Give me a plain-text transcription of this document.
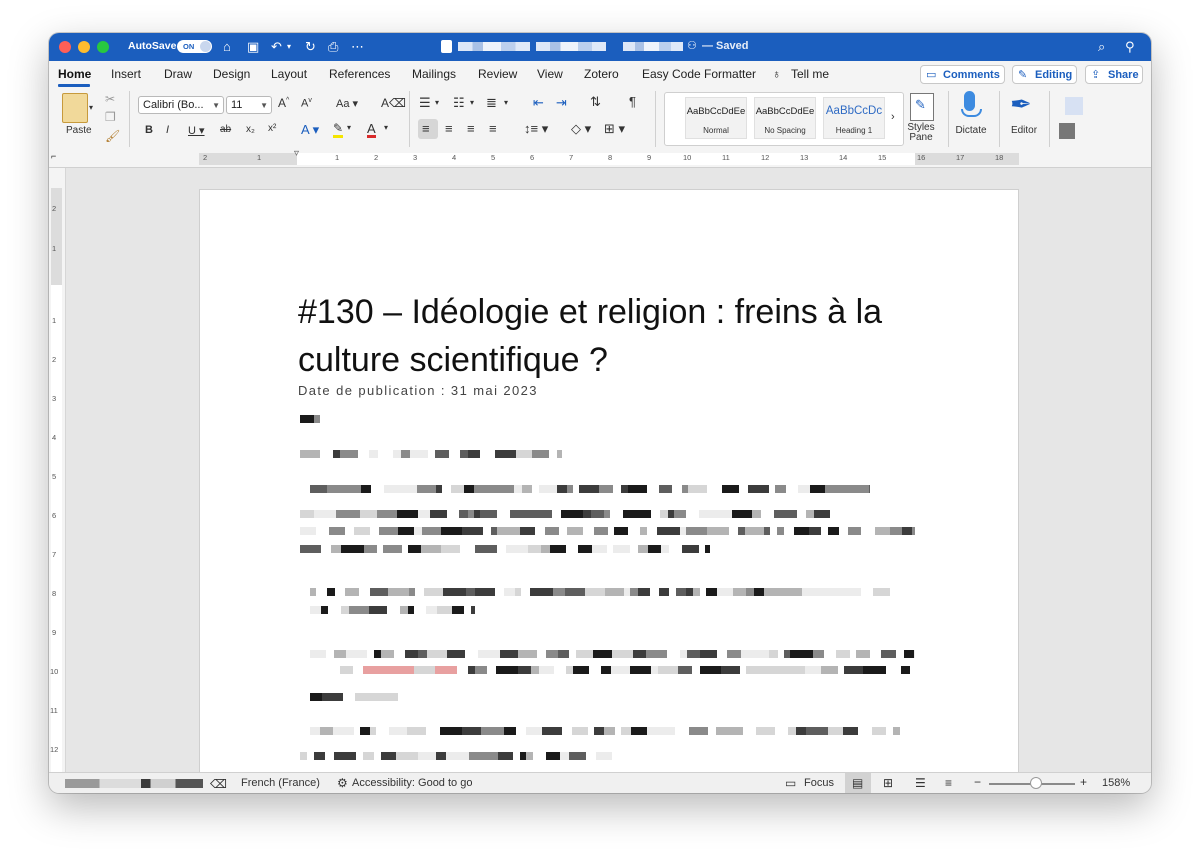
AutoSave ON ⌂ ▣ ↶ ▾ ↻ ⎙ ⋯	⚇ — Saved	⌕ ⚲
Home Insert Draw Design Layout References Mailings Review View Zotero Easy Code Formatter ♁ Tell me	Comments
▭	Editing
✎	Share
⇪
▾
Paste
✂
❐
🖌
Calibri (Bo... ▼	11 ▼ A^ $A^v$ Aa ▾ A⌫
B I U ▾ ab x₂ x² A ▾ ✎ ▾ A ▾
☰ ▾ ☷ ▾ ≣ ▾ ⇤ ⇥ ⇅ ¶
≡ ≡ ≡ ≡ ↕≡ ▾ ◇ ▾ ⊞ ▾
AaBbCcDdEe
Normal
AaBbCcDdEe
No Spacing
AaBbCcDc
Heading 1
›
✎
Styles Pane
Dictate
✒
Editor
⌐	2	1	▿	1	2	3	4	5	6	7	8	9	10	11	12	13	14	15	16	17	18
2
1
1
2
3
4
5
6
7
8
9
10
11
12
#130 – Idéologie et religion : freins à la culture scientifique ?
Date de publication : 31 mai 2023
⌫ French (France) ⚙ Accessibility: Good to go	▭ Focus ▤ ⊞ ☰ ≡ −	+ 158%
